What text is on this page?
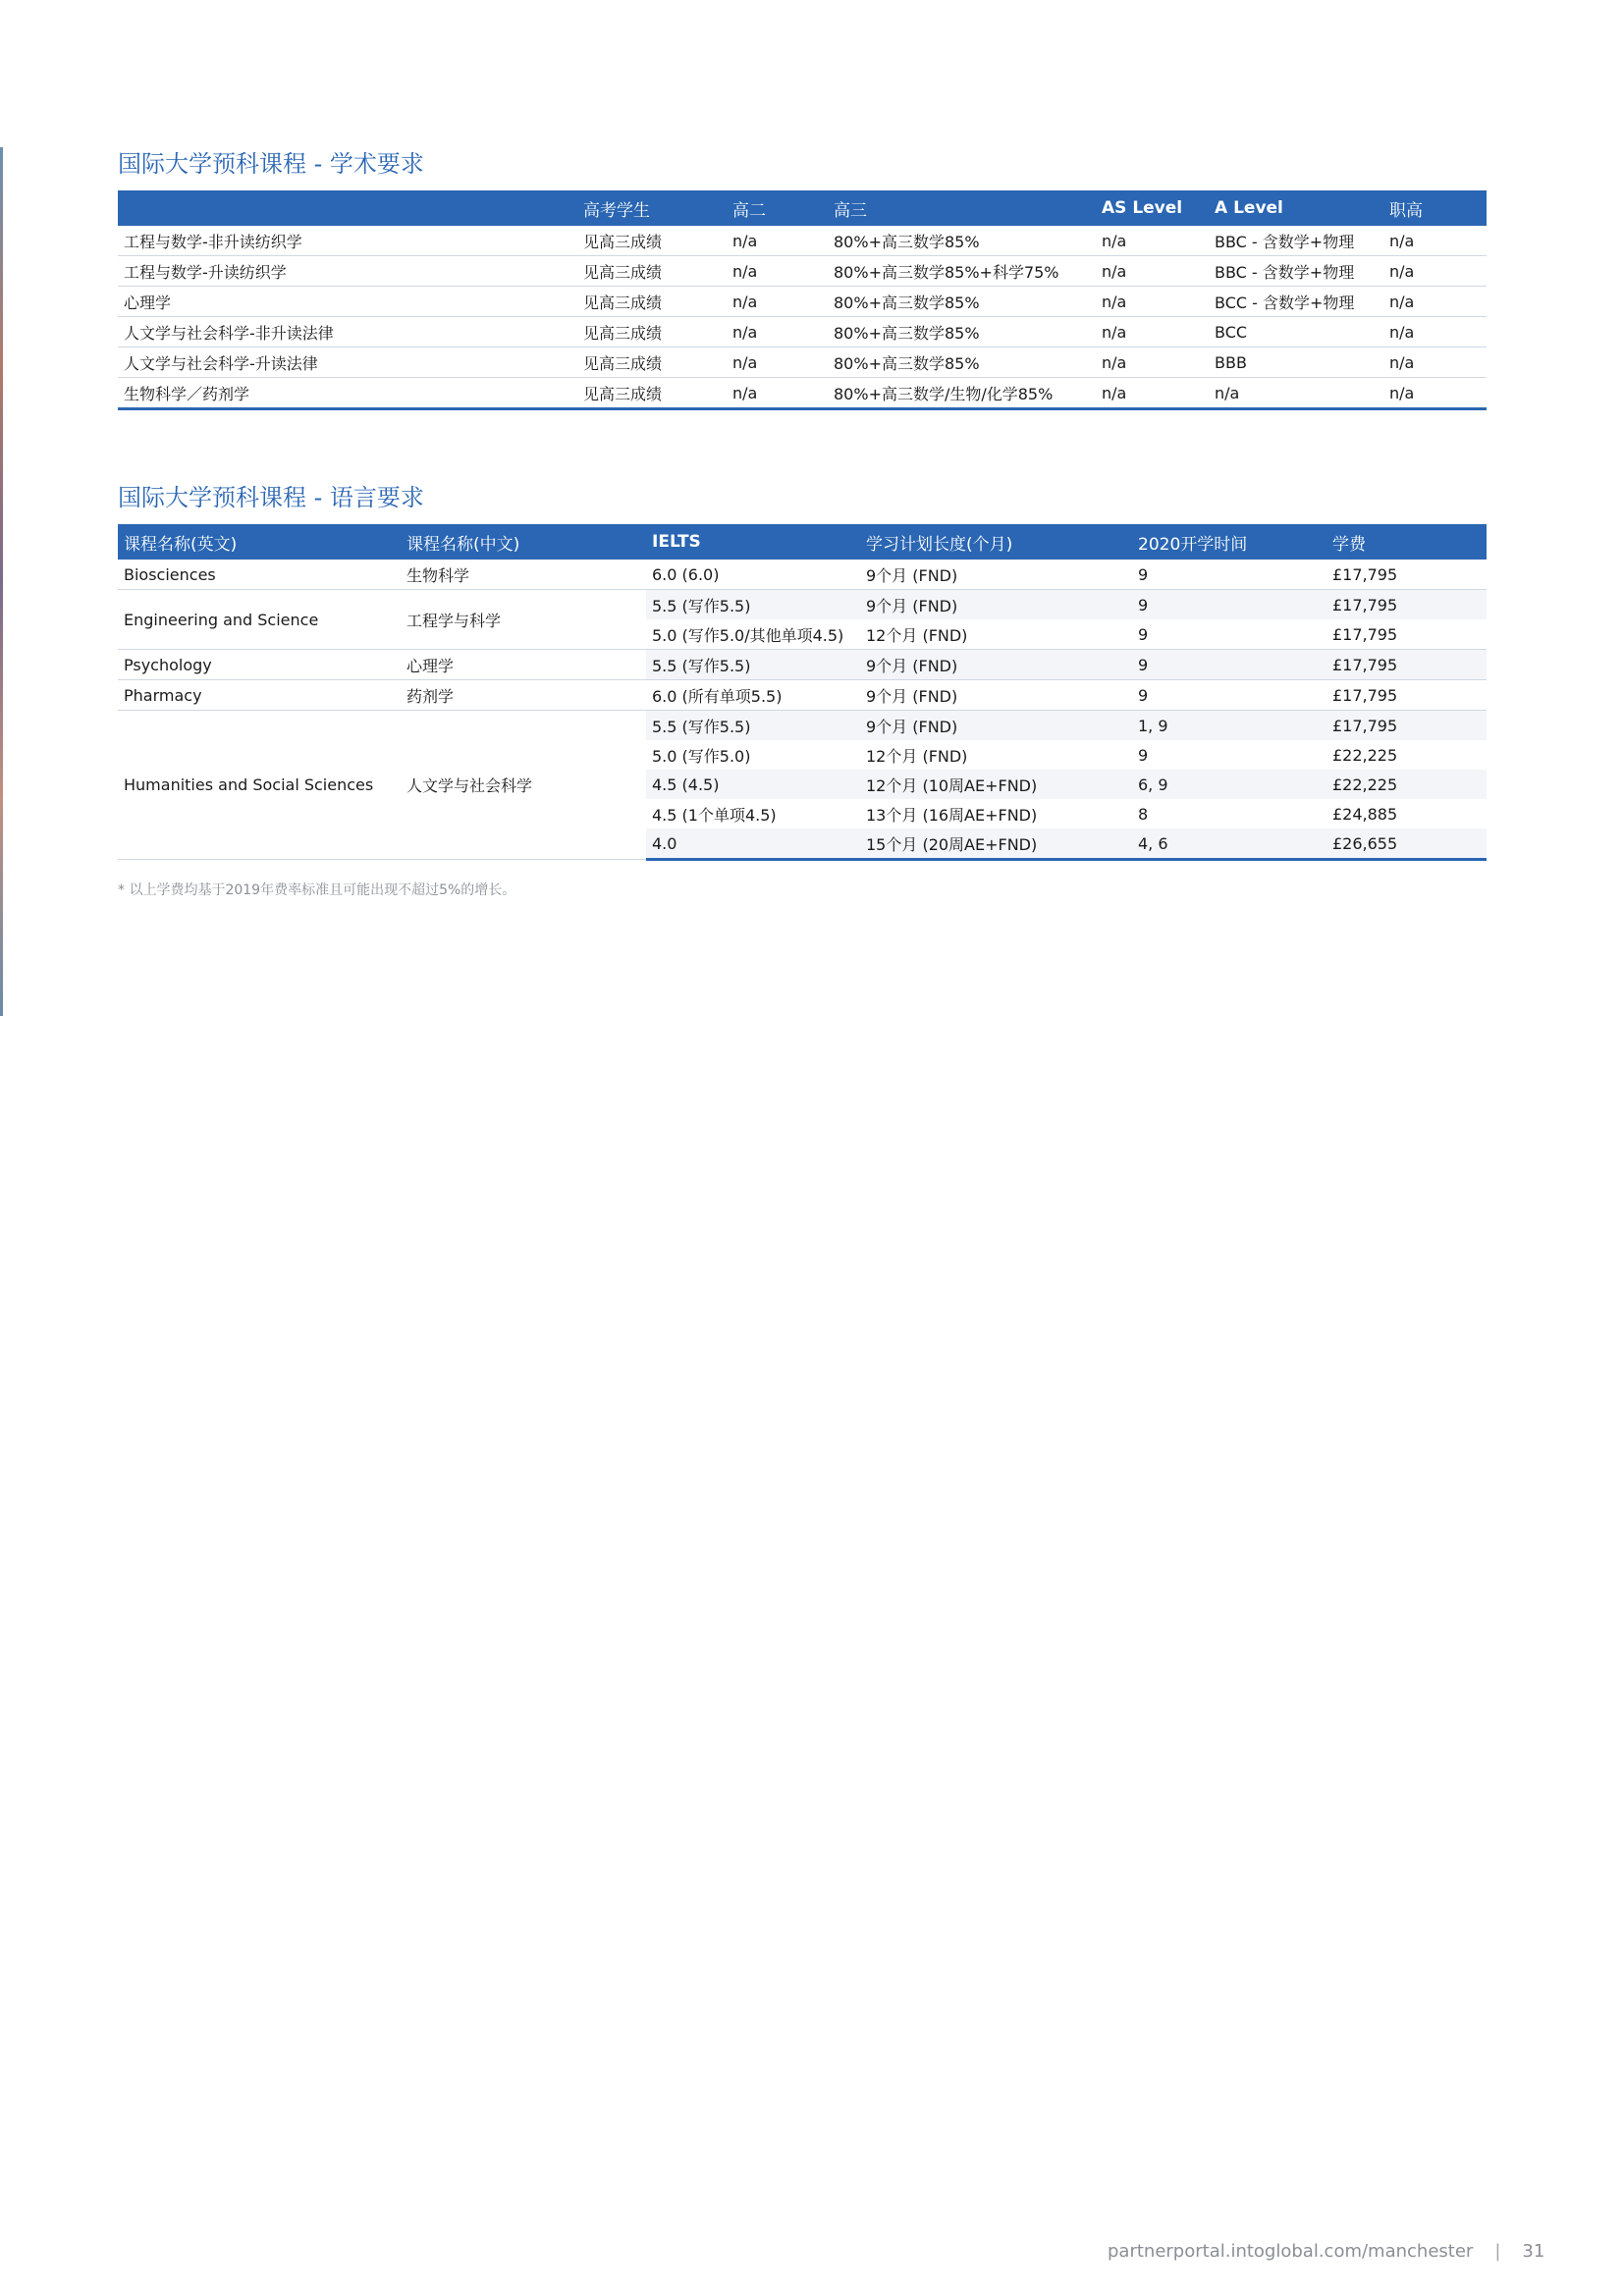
国际大学预科课程 - 学术要求
	高考学生	高二	高三	AS Level	A Level	职高
工程与数学-非升读纺织学	见高三成绩	n/a	80%+高三数学85%	n/a	BBC - 含数学+物理	n/a
工程与数学-升读纺织学	见高三成绩	n/a	80%+高三数学85%+科学75%	n/a	BBC - 含数学+物理	n/a
心理学	见高三成绩	n/a	80%+高三数学85%	n/a	BCC - 含数学+物理	n/a
人文学与社会科学-非升读法律	见高三成绩	n/a	80%+高三数学85%	n/a	BCC	n/a
人文学与社会科学-升读法律	见高三成绩	n/a	80%+高三数学85%	n/a	BBB	n/a
生物科学／药剂学	见高三成绩	n/a	80%+高三数学/生物/化学85%	n/a	n/a	n/a
国际大学预科课程 - 语言要求
课程名称(英文)	课程名称(中文)	IELTS	学习计划长度(个月)	2020开学时间	学费
Biosciences	生物科学	6.0 (6.0)	9个月 (FND)	9	£17,795
Engineering and Science	工程学与科学	5.5 (写作5.5)	9个月 (FND)	9	£17,795
		5.0 (写作5.0/其他单项4.5)	12个月 (FND)	9	£17,795
Psychology	心理学	5.5 (写作5.5)	9个月 (FND)	9	£17,795
Pharmacy	药剂学	6.0 (所有单项5.5)	9个月 (FND)	9	£17,795
Humanities and Social Sciences	人文学与社会科学	5.5 (写作5.5)	9个月 (FND)	1, 9	£17,795
		5.0 (写作5.0)	12个月 (FND)	9	£22,225
		4.5 (4.5)	12个月 (10周AE+FND)	6, 9	£22,225
		4.5 (1个单项4.5)	13个月 (16周AE+FND)	8	£24,885
		4.0	15个月 (20周AE+FND)	4, 6	£26,655
* 以上学费均基于2019年费率标准且可能出现不超过5%的增长。
partnerportal.intoglobal.com/manchester | 31
